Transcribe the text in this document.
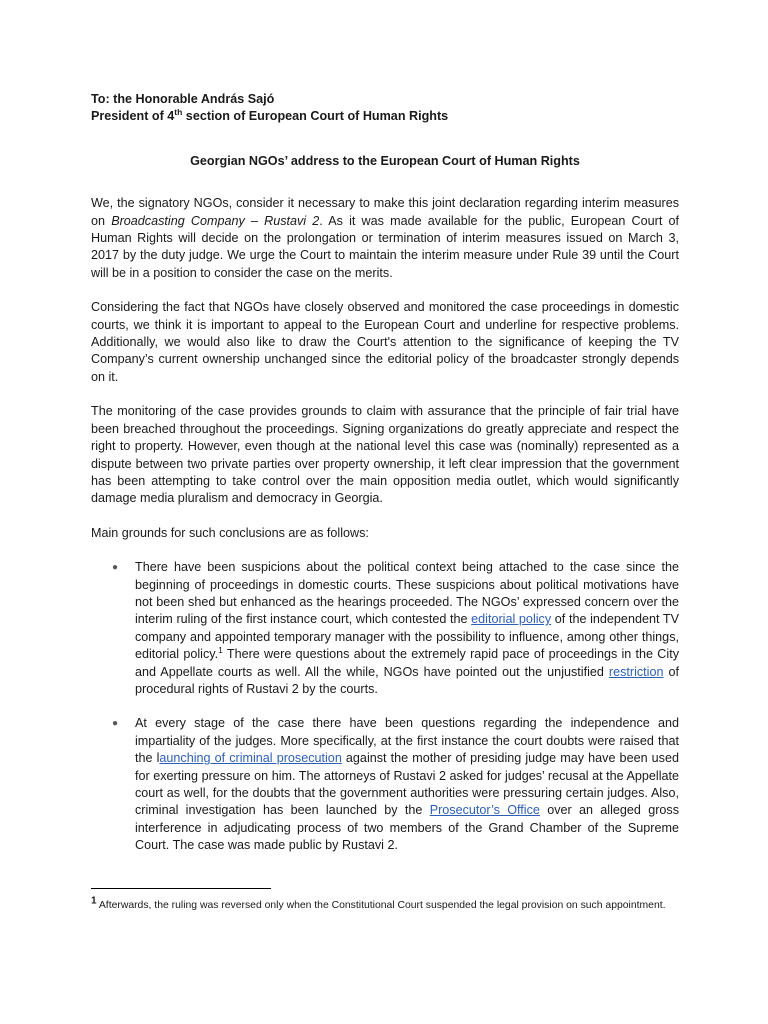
To: the Honorable András Sajó

President of 4th section of European Court of Human Rights

Georgian NGOs’ address to the European Court of Human Rights

We, the signatory NGOs, consider it necessary to make this joint declaration regarding interim measures on Broadcasting Company – Rustavi 2. As it was made available for the public, European Court of Human Rights will decide on the prolongation or termination of interim measures issued on March 3, 2017 by the duty judge. We urge the Court to maintain the interim measure under Rule 39 until the Court will be in a position to consider the case on the merits.

Considering the fact that NGOs have closely observed and monitored the case proceedings in domestic courts, we think it is important to appeal to the European Court and underline for respective problems. Additionally, we would also like to draw the Court's attention to the significance of keeping the TV Company’s current ownership unchanged since the editorial policy of the broadcaster strongly depends on it.

The monitoring of the case provides grounds to claim with assurance that the principle of fair trial have been breached throughout the proceedings. Signing organizations do greatly appreciate and respect the right to property. However, even though at the national level this case was (nominally) represented as a dispute between two private parties over property ownership, it left clear impression that the government has been attempting to take control over the main opposition media outlet, which would significantly damage media pluralism and democracy in Georgia.

Main grounds for such conclusions are as follows:

● There have been suspicions about the political context being attached to the case since the beginning of proceedings in domestic courts. These suspicions about political motivations have not been shed but enhanced as the hearings proceeded. The NGOs’ expressed concern over the interim ruling of the first instance court, which contested the editorial policy of the independent TV company and appointed temporary manager with the possibility to influence, among other things, editorial policy.$^1$ There were questions about the extremely rapid pace of proceedings in the City and Appellate courts as well. All the while, NGOs have pointed out the unjustified restriction of procedural rights of Rustavi 2 by the courts.
● At every stage of the case there have been questions regarding the independence and impartiality of the judges. More specifically, at the first instance the court doubts were raised that the launching of criminal prosecution against the mother of presiding judge may have been used for exerting pressure on him. The attorneys of Rustavi 2 asked for judges’ recusal at the Appellate court as well, for the doubts that the government authorities were pressuring certain judges. Also, criminal investigation has been launched by the Prosecutor’s Office over an alleged gross interference in adjudicating process of two members of the Grand Chamber of the Supreme Court. The case was made public by Rustavi 2.
$^1$ Afterwards, the ruling was reversed only when the Constitutional Court suspended the legal provision on such appointment.
